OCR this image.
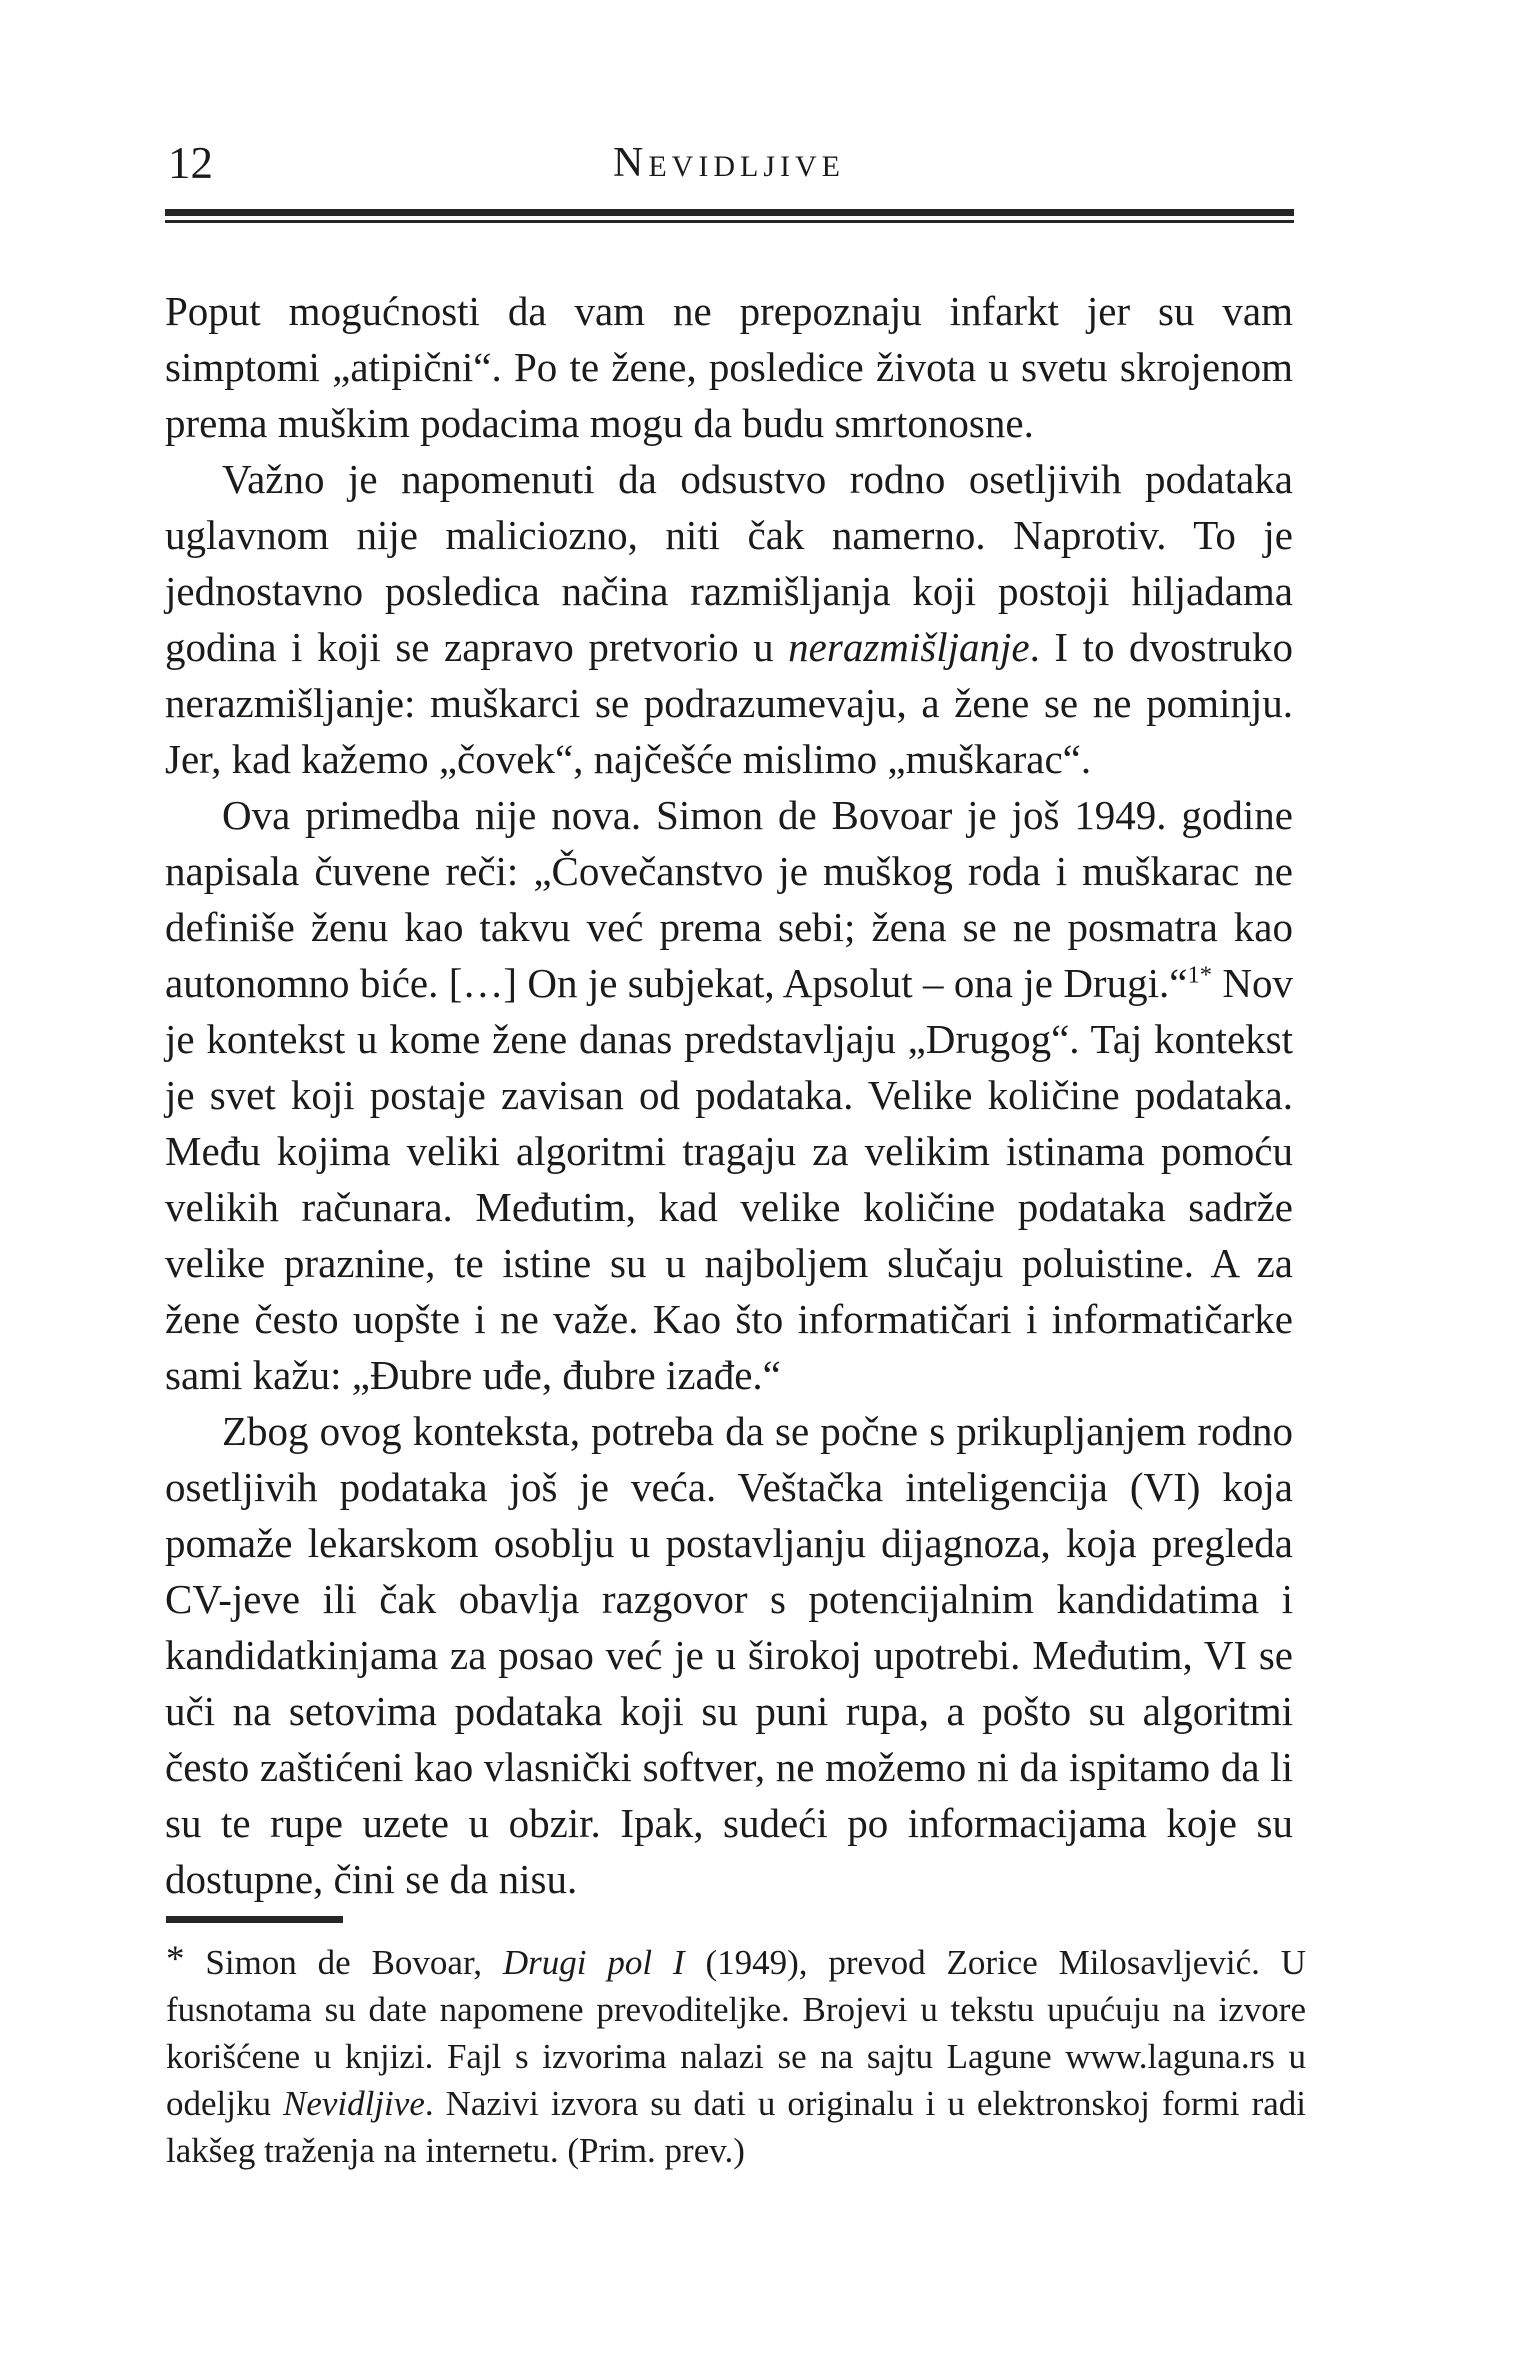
12	NEVIDLJIVE

Poput mogućnosti da vam ne prepoznaju infarkt jer su vam simptomi „atipični“. Po te žene, posledice života u svetu skrojenom prema muškim podacima mogu da budu smrtonosne.

Važno je napomenuti da odsustvo rodno osetljivih podataka uglavnom nije maliciozno, niti čak namerno. Naprotiv. To je jednostavno posledica načina razmišljanja koji postoji hiljadama godina i koji se zapravo pretvorio u nerazmišljanje. I to dvostruko nerazmišljanje: muškarci se podrazumevaju, a žene se ne pominju. Jer, kad kažemo „čovek“, najčešće mislimo „muškarac“.

Ova primedba nije nova. Simon de Bovoar je još 1949. godine napisala čuvene reči: „Čovečanstvo je muškog roda i muškarac ne definiše ženu kao takvu već prema sebi; žena se ne posmatra kao autonomno biće. […] On je subjekat, Apsolut – ona je Drugi.“$^{1*}$ Nov je kontekst u kome žene danas predstavljaju „Drugog“. Taj kontekst je svet koji postaje zavisan od podataka. Velike količine podataka. Među kojima veliki algoritmi tragaju za velikim istinama pomoću velikih računara. Međutim, kad velike količine podataka sadrže velike praznine, te istine su u najboljem slučaju poluistine. A za žene često uopšte i ne važe. Kao što informatičari i informatičarke sami kažu: „Đubre uđe, đubre izađe.“

Zbog ovog konteksta, potreba da se počne s prikupljanjem rodno osetljivih podataka još je veća. Veštačka inteligencija (VI) koja pomaže lekarskom osoblju u postavljanju dijagnoza, koja pregleda CV-jeve ili čak obavlja razgovor s potencijalnim kandidatima i kandidatkinjama za posao već je u širokoj upotrebi. Međutim, VI se uči na setovima podataka koji su puni rupa, a pošto su algoritmi često zaštićeni kao vlasnički softver, ne možemo ni da ispitamo da li su te rupe uzete u obzir. Ipak, sudeći po informacijama koje su dostupne, čini se da nisu.

* Simon de Bovoar, Drugi pol I (1949), prevod Zorice Milosavljević. U fusnotama su date napomene prevoditeljke. Brojevi u tekstu upućuju na izvore korišćene u knjizi. Fajl s izvorima nalazi se na sajtu Lagune www.laguna.rs u odeljku Nevidljive. Nazivi izvora su dati u originalu i u elektronskoj formi radi lakšeg traženja na internetu. (Prim. prev.)
